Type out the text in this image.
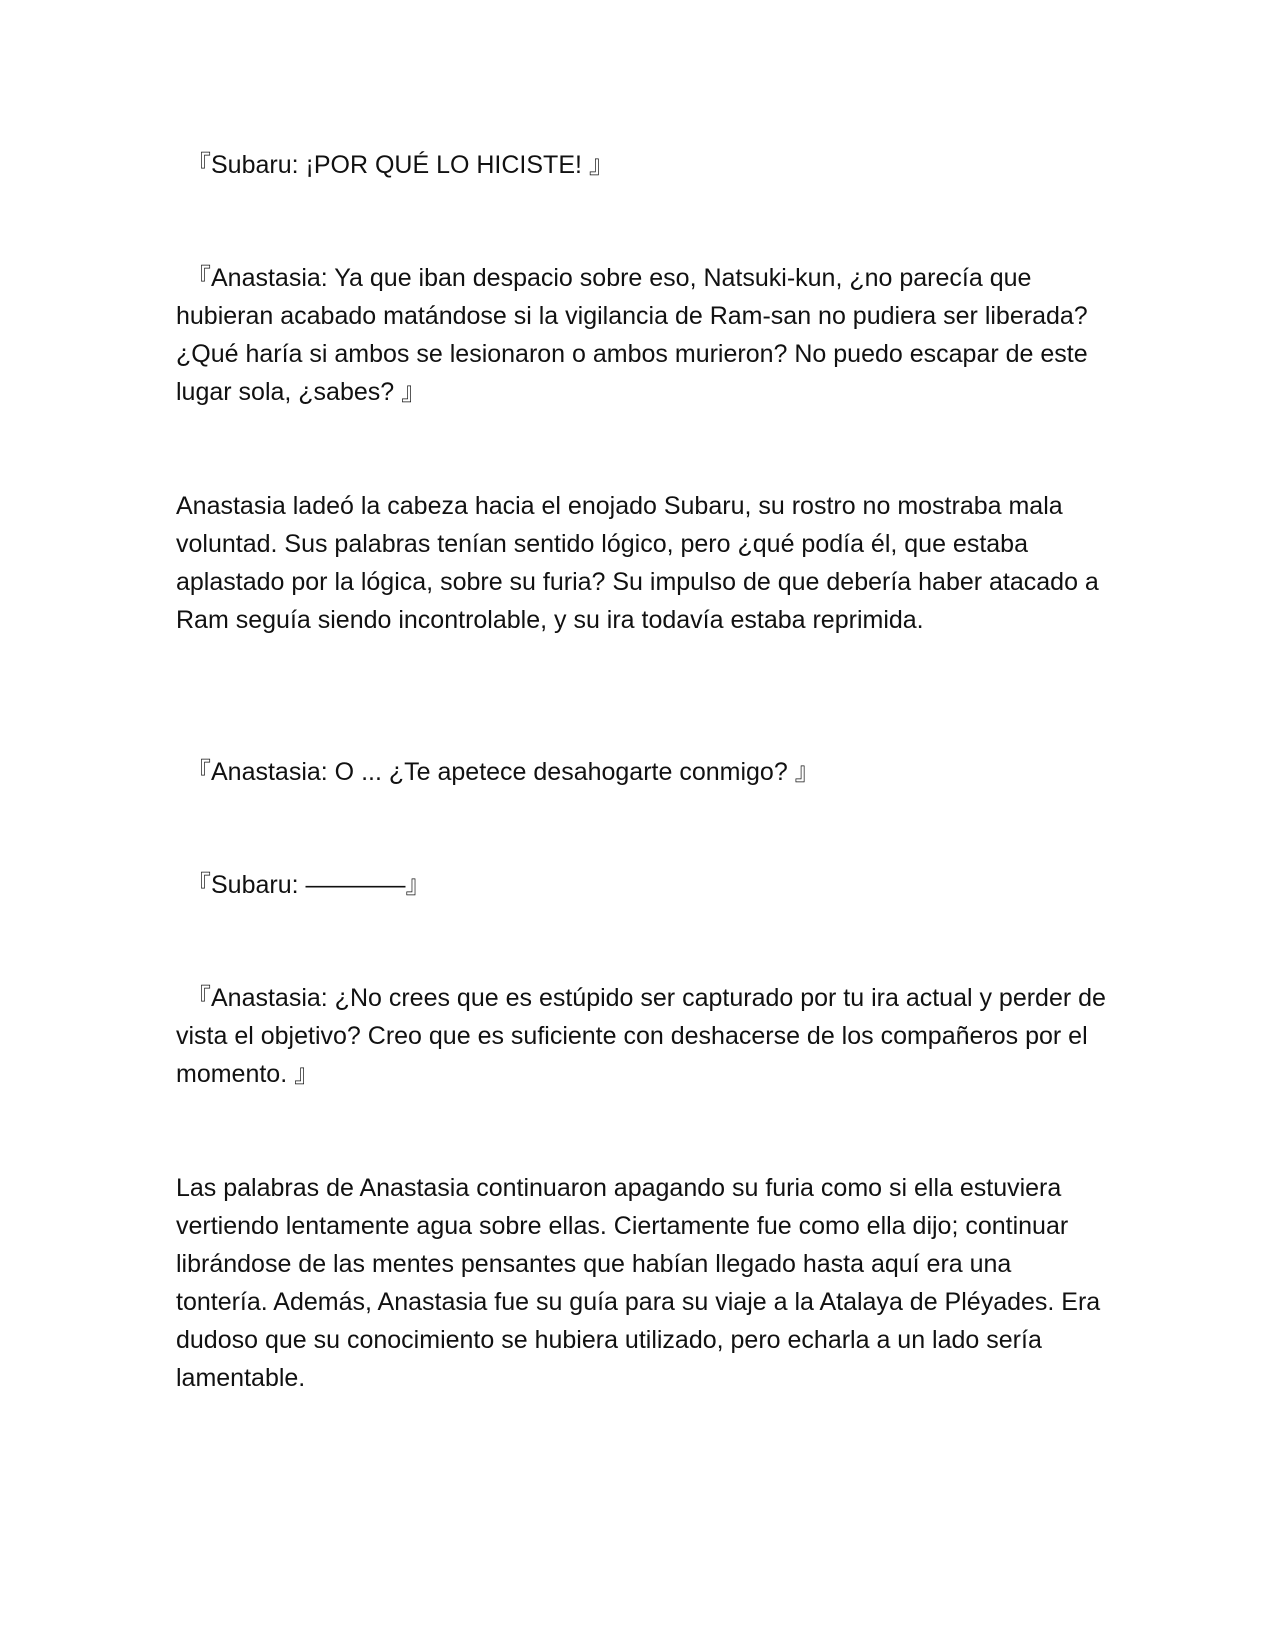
『Subaru: ¡POR QUÉ LO HICISTE! 』

『Anastasia: Ya que iban despacio sobre eso, Natsuki-kun, ¿no parecía que hubieran acabado matándose si la vigilancia de Ram-san no pudiera ser liberada? ¿Qué haría si ambos se lesionaron o ambos murieron? No puedo escapar de este lugar sola, ¿sabes? 』

Anastasia ladeó la cabeza hacia el enojado Subaru, su rostro no mostraba mala voluntad. Sus palabras tenían sentido lógico, pero ¿qué podía él, que estaba aplastado por la lógica, sobre su furia? Su impulso de que debería haber atacado a Ram seguía siendo incontrolable, y su ira todavía estaba reprimida.

『Anastasia: O ... ¿Te apetece desahogarte conmigo? 』

『Subaru: ————』

『Anastasia: ¿No crees que es estúpido ser capturado por tu ira actual y perder de vista el objetivo? Creo que es suficiente con deshacerse de los compañeros por el momento. 』

Las palabras de Anastasia continuaron apagando su furia como si ella estuviera vertiendo lentamente agua sobre ellas. Ciertamente fue como ella dijo; continuar librándose de las mentes pensantes que habían llegado hasta aquí era una tontería. Además, Anastasia fue su guía para su viaje a la Atalaya de Pléyades. Era dudoso que su conocimiento se hubiera utilizado, pero echarla a un lado sería lamentable.
